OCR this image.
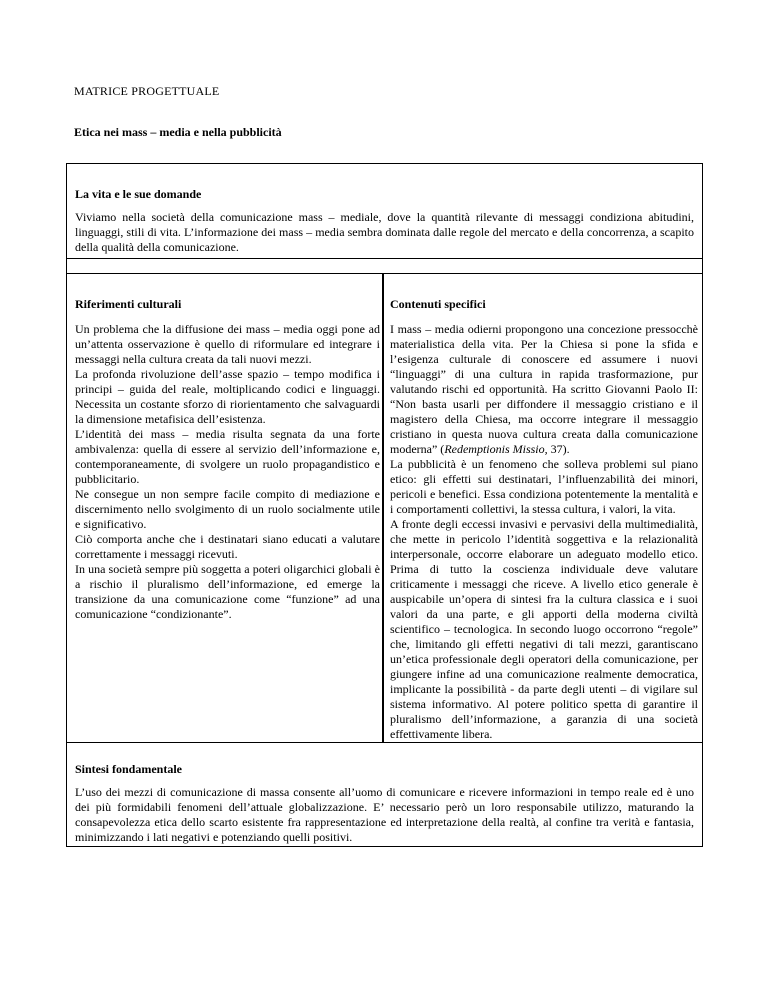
MATRICE PROGETTUALE
Etica nei mass – media e nella pubblicità

La vita e le sue domande

Viviamo nella società della comunicazione mass – mediale, dove la quantità rilevante di messaggi condiziona abitudini, linguaggi, stili di vita. L’informazione dei mass – media sembra dominata dalle regole del mercato e della concorrenza, a scapito della qualità della comunicazione.

Riferimenti culturali

Un problema che la diffusione dei mass – media oggi pone ad un’attenta osservazione è quello di riformulare ed integrare i messaggi nella cultura creata da tali nuovi mezzi.
La profonda rivoluzione dell’asse spazio – tempo modifica i principi – guida del reale, moltiplicando codici e linguaggi. Necessita un costante sforzo di riorientamento che salvaguardi la dimensione metafisica dell’esistenza.
L’identità dei mass – media risulta segnata da una forte ambivalenza: quella di essere al servizio dell’informazione e, contemporaneamente, di svolgere un ruolo propagandistico e pubblicitario.
Ne consegue un non sempre facile compito di mediazione e discernimento nello svolgimento di un ruolo socialmente utile e significativo.
Ciò comporta anche che i destinatari siano educati a valutare correttamente i messaggi ricevuti.
In una società sempre più soggetta a poteri oligarchici globali è a rischio il pluralismo dell’informazione, ed emerge la transizione da una comunicazione come “funzione” ad una comunicazione “condizionante”.

Contenuti specifici

I mass – media odierni propongono una concezione pressocchè materialistica della vita. Per la Chiesa si pone la sfida e l’esigenza culturale di conoscere ed assumere i nuovi “linguaggi” di una cultura in rapida trasformazione, pur valutando rischi ed opportunità. Ha scritto Giovanni Paolo II: “Non basta usarli per diffondere il messaggio cristiano e il magistero della Chiesa, ma occorre integrare il messaggio cristiano in questa nuova cultura creata dalla comunicazione moderna” (Redemptionis Missio, 37).
La pubblicità è un fenomeno che solleva problemi sul piano etico: gli effetti sui destinatari, l’influenzabilità dei minori, pericoli e benefici. Essa condiziona potentemente la mentalità e i comportamenti collettivi, la stessa cultura, i valori, la vita.
A fronte degli eccessi invasivi e pervasivi della multimedialità, che mette in pericolo l’identità soggettiva e la relazionalità interpersonale, occorre elaborare un adeguato modello etico. Prima di tutto la coscienza individuale deve valutare criticamente i messaggi che riceve. A livello etico generale è auspicabile un’opera di sintesi fra la cultura classica e i suoi valori da una parte, e gli apporti della moderna civiltà scientifico – tecnologica. In secondo luogo occorrono “regole” che, limitando gli effetti negativi di tali mezzi, garantiscano un’etica professionale degli operatori della comunicazione, per giungere infine ad una comunicazione realmente democratica, implicante la possibilità - da parte degli utenti – di vigilare sul sistema informativo. Al potere politico spetta di garantire il pluralismo dell’informazione, a garanzia di una società effettivamente libera.

Sintesi fondamentale

L’uso dei mezzi di comunicazione di massa consente all’uomo di comunicare e ricevere informazioni in tempo reale ed è uno dei più formidabili fenomeni dell’attuale globalizzazione. E’ necessario però un loro responsabile utilizzo, maturando la consapevolezza etica dello scarto esistente fra rappresentazione ed interpretazione della realtà, al confine tra verità e fantasia, minimizzando i lati negativi e potenziando quelli positivi.
